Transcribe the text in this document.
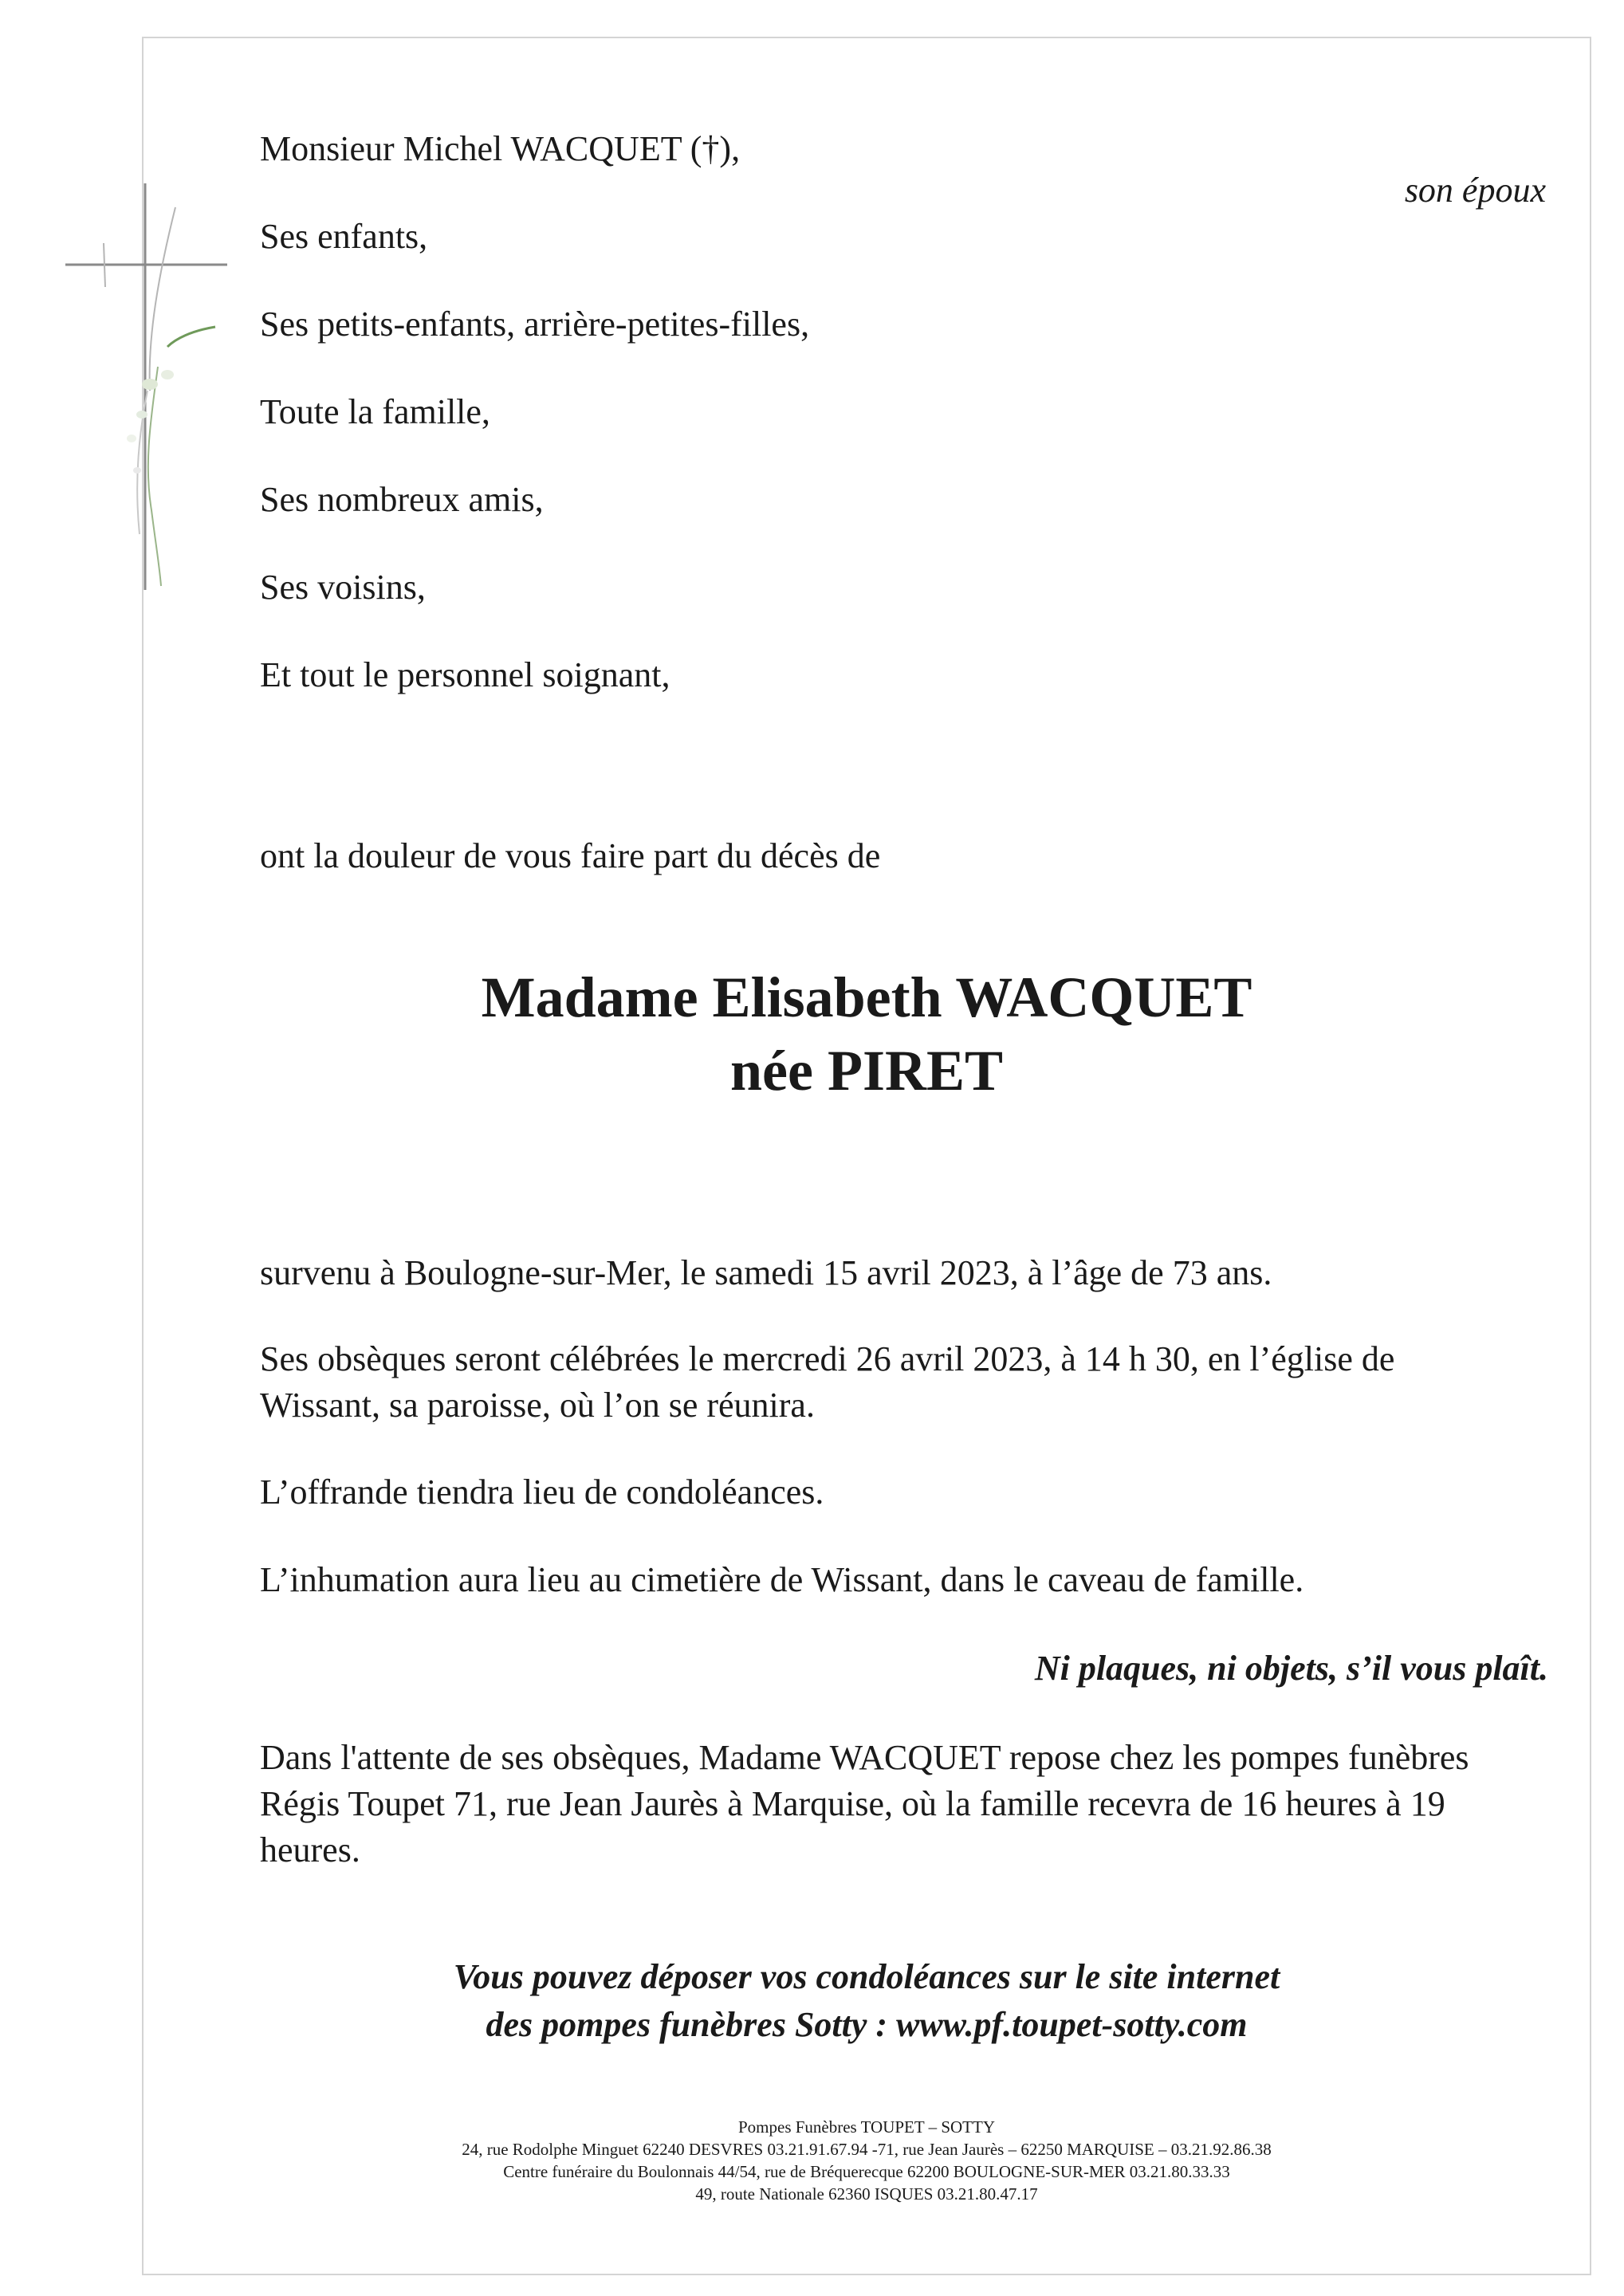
Monsieur Michel WACQUET (†),
son époux
Ses enfants,
Ses petits-enfants, arrière-petites-filles,
Toute la famille,
Ses nombreux amis,
Ses voisins,
Et tout le personnel soignant,
ont la douleur de vous faire part du décès de
Madame Elisabeth WACQUET
née PIRET
survenu à Boulogne-sur-Mer, le samedi 15 avril 2023, à l’âge de 73 ans.
Ses obsèques seront célébrées le mercredi 26 avril 2023, à 14 h 30, en l’église de Wissant, sa paroisse, où l’on se réunira.
L’offrande tiendra lieu de condoléances.
L’inhumation aura lieu au cimetière de Wissant, dans le caveau de famille.
Ni plaques, ni objets, s’il vous plaît.
Dans l'attente de ses obsèques, Madame WACQUET repose chez les pompes funèbres Régis Toupet 71, rue Jean Jaurès à Marquise, où la famille recevra de 16 heures à 19 heures.
Vous pouvez déposer vos condoléances sur le site internet
des pompes funèbres Sotty : www.pf.toupet-sotty.com
Pompes Funèbres TOUPET – SOTTY
24, rue Rodolphe Minguet 62240 DESVRES 03.21.91.67.94 -71, rue Jean Jaurès – 62250 MARQUISE – 03.21.92.86.38
Centre funéraire du Boulonnais 44/54, rue de Bréquerecque 62200 BOULOGNE-SUR-MER 03.21.80.33.33
49, route Nationale 62360 ISQUES 03.21.80.47.17
